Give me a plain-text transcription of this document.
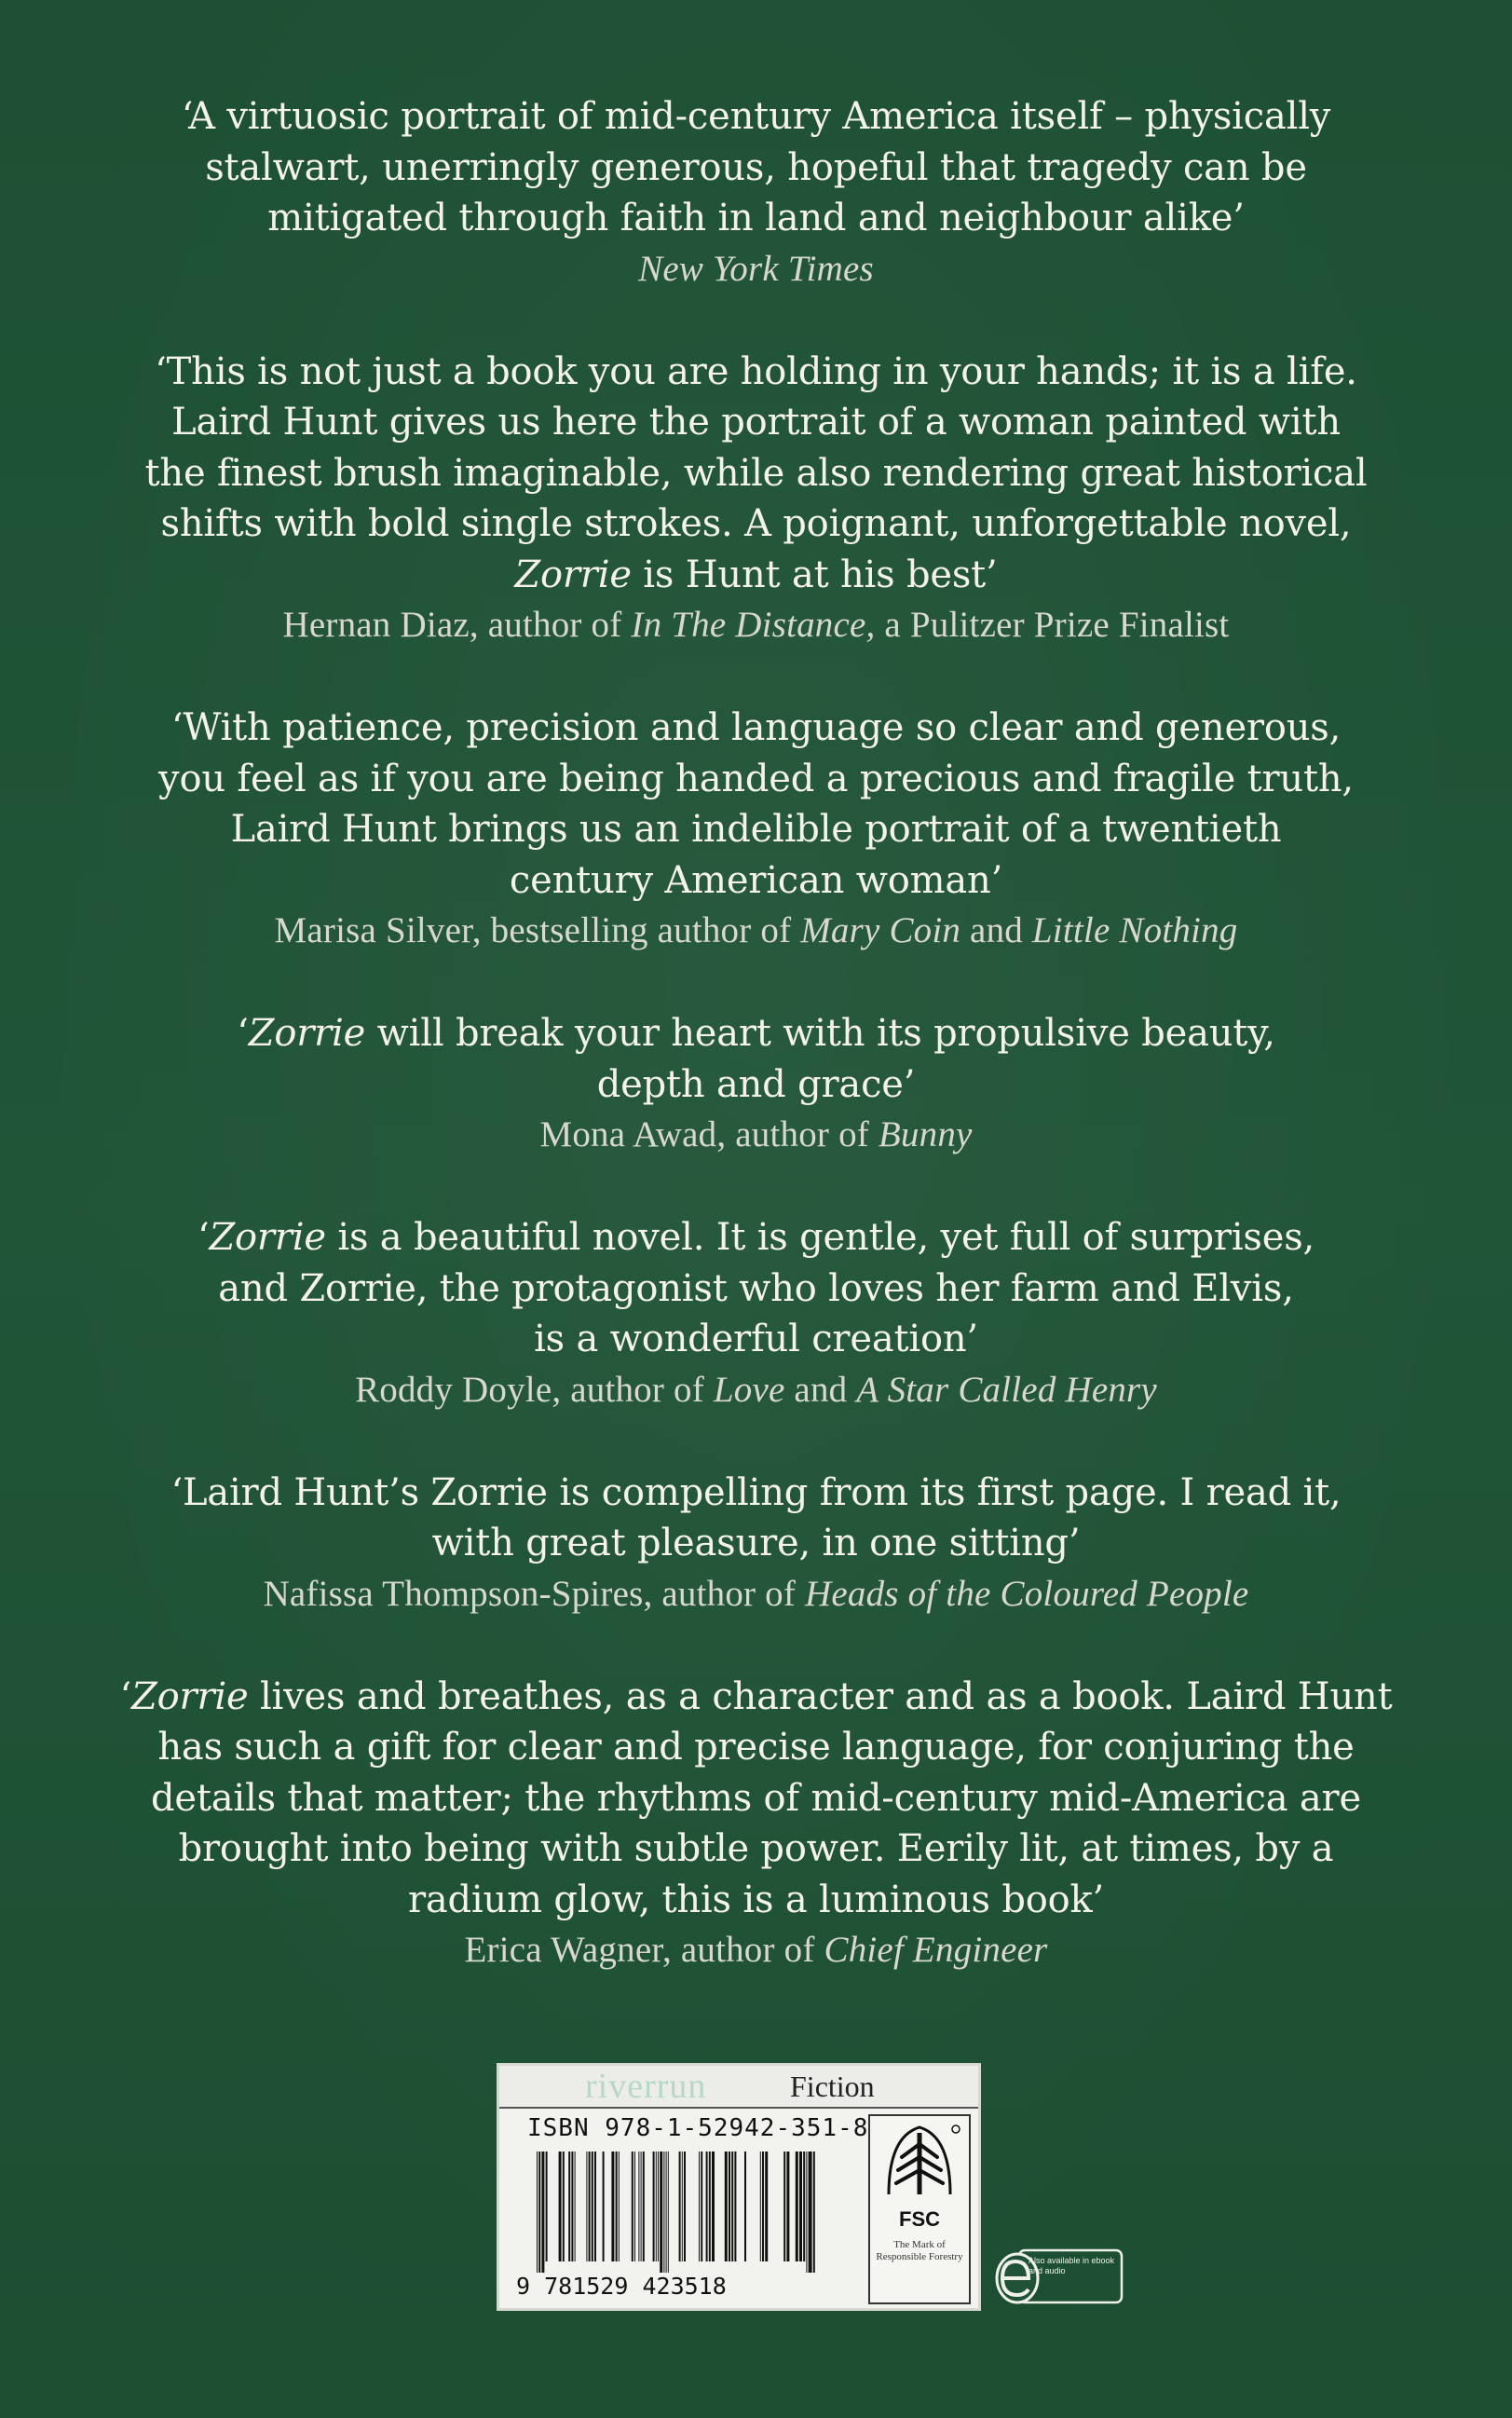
‘A virtuosic portrait of mid-century America itself – physically
stalwart, unerringly generous, hopeful that tragedy can be
mitigated through faith in land and neighbour alike’
New York Times
‘This is not just a book you are holding in your hands; it is a life.
Laird Hunt gives us here the portrait of a woman painted with
the finest brush imaginable, while also rendering great historical
shifts with bold single strokes. A poignant, unforgettable novel,
Zorrie is Hunt at his best’
Hernan Diaz, author of In The Distance, a Pulitzer Prize Finalist
‘With patience, precision and language so clear and generous,
you feel as if you are being handed a precious and fragile truth,
Laird Hunt brings us an indelible portrait of a twentieth
century American woman’
Marisa Silver, bestselling author of Mary Coin and Little Nothing
‘Zorrie will break your heart with its propulsive beauty,
depth and grace’
Mona Awad, author of Bunny
‘Zorrie is a beautiful novel. It is gentle, yet full of surprises,
and Zorrie, the protagonist who loves her farm and Elvis,
is a wonderful creation’
Roddy Doyle, author of Love and A Star Called Henry
‘Laird Hunt’s Zorrie is compelling from its first page. I read it,
with great pleasure, in one sitting’
Nafissa Thompson-Spires, author of Heads of the Coloured People
‘Zorrie lives and breathes, as a character and as a book. Laird Hunt
has such a gift for clear and precise language, for conjuring the
details that matter; the rhythms of mid-century mid-America are
brought into being with subtle power. Eerily lit, at times, by a
radium glow, this is a luminous book’
Erica Wagner, author of Chief Engineer
riverrun	Fiction
ISBN 978-1-52942-351-8
9 781529 423518
FSC
The Mark of Responsible Forestry	Also available in ebook and audio
